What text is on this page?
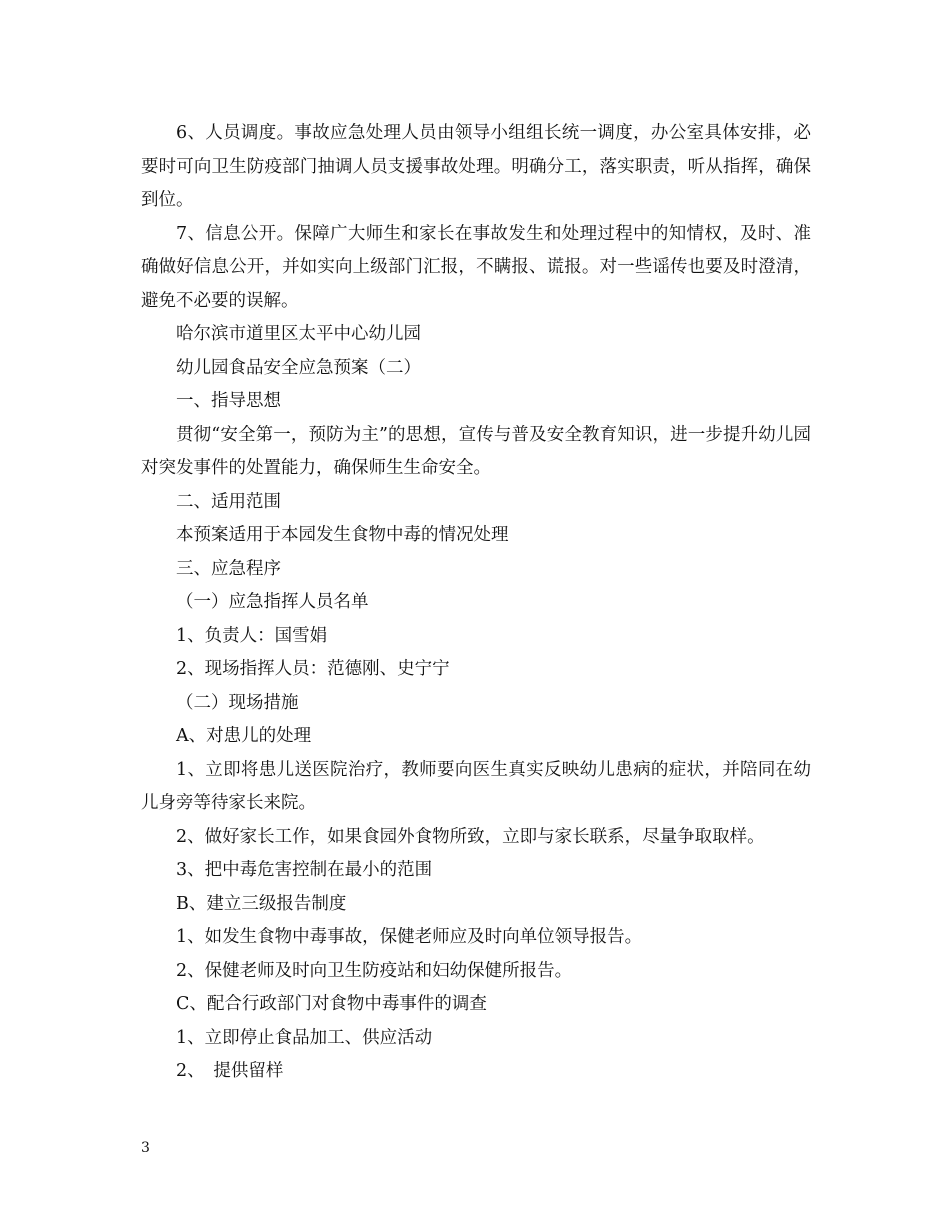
6、人员调度。事故应急处理人员由领导小组组长统一调度，办公室具体安排，必要时可向卫生防疫部门抽调人员支援事故处理。明确分工，落实职责，听从指挥，确保到位。

7、信息公开。保障广大师生和家长在事故发生和处理过程中的知情权，及时、准确做好信息公开，并如实向上级部门汇报，不瞒报、谎报。对一些谣传也要及时澄清，避免不必要的误解。

哈尔滨市道里区太平中心幼儿园

幼儿园食品安全应急预案（二）

一、指导思想

贯彻“安全第一，预防为主”的思想，宣传与普及安全教育知识，进一步提升幼儿园对突发事件的处置能力，确保师生生命安全。

二、适用范围

本预案适用于本园发生食物中毒的情况处理

三、应急程序

（一）应急指挥人员名单

1、负责人：国雪娟

2、现场指挥人员：范德刚、史宁宁

（二）现场措施

A、对患儿的处理

1、立即将患儿送医院治疗，教师要向医生真实反映幼儿患病的症状，并陪同在幼儿身旁等待家长来院。

2、做好家长工作，如果食园外食物所致，立即与家长联系，尽量争取取样。

3、把中毒危害控制在最小的范围

B、建立三级报告制度

1、如发生食物中毒事故，保健老师应及时向单位领导报告。

2、保健老师及时向卫生防疫站和妇幼保健所报告。

C、配合行政部门对食物中毒事件的调查

1、立即停止食品加工、供应活动

2、　提供留样

3
